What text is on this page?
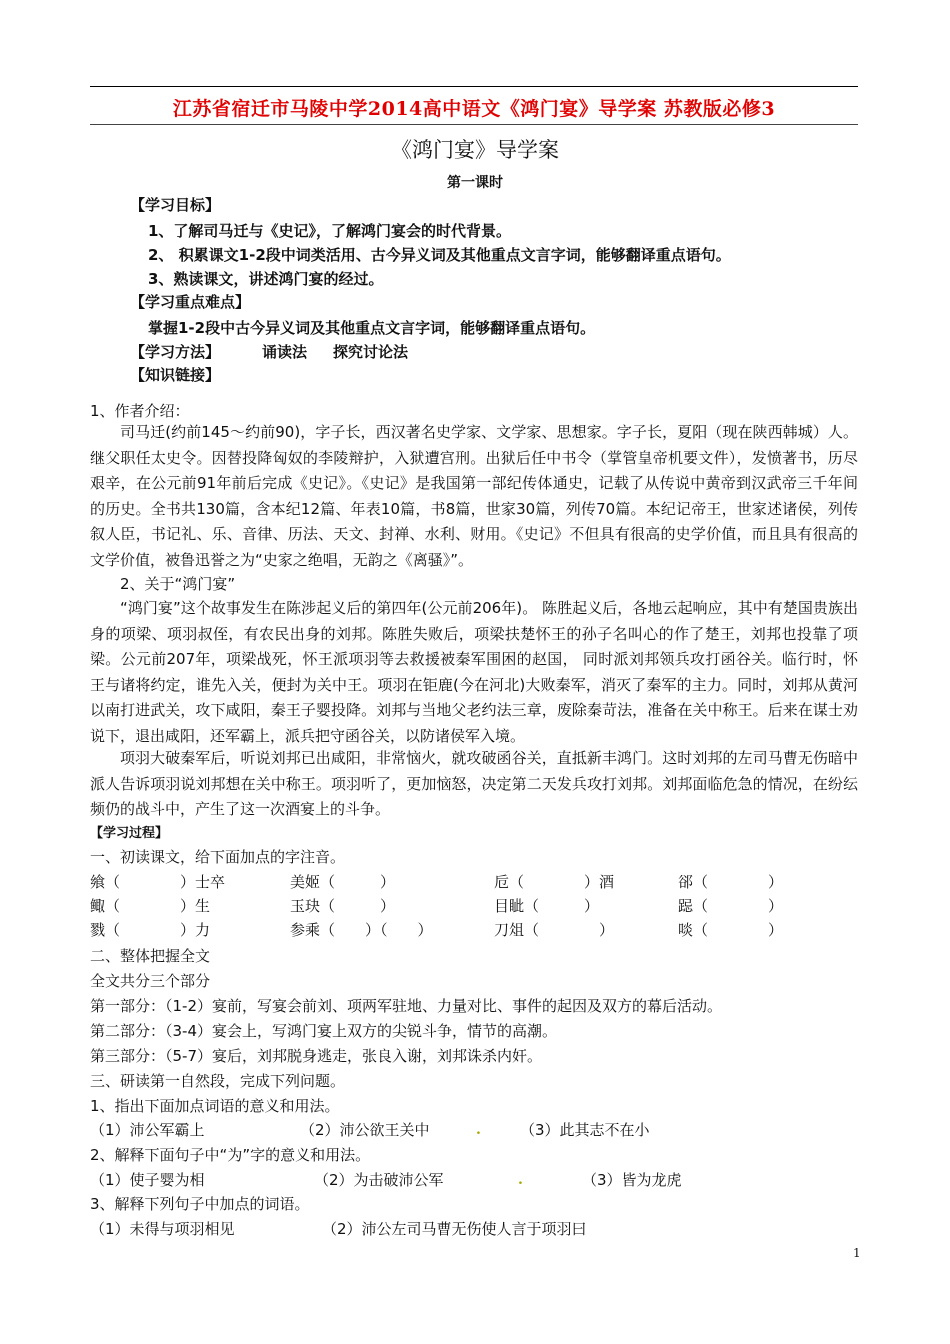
江苏省宿迁市马陵中学2014高中语文《鸿门宴》导学案 苏教版必修3
《鸿门宴》导学案
第一课时
【学习目标】
1、了解司马迁与《史记》，了解鸿门宴会的时代背景。
2、 积累课文1-2段中词类活用、古今异义词及其他重点文言字词，能够翻译重点语句。
3、熟读课文，讲述鸿门宴的经过。
【学习重点难点】
掌握1-2段中古今异义词及其他重点文言字词，能够翻译重点语句。
【学习方法】	诵读法 探究讨论法
【知识链接】
1、作者介绍：
司马迁(约前145～约前90)，字子长，西汉著名史学家、文学家、思想家。字子长，夏阳（现在陕西韩城）人。继父职任太史令。因替投降匈奴的李陵辩护，入狱遭宫刑。出狱后任中书令（掌管皇帝机要文件），发愤著书，历尽艰辛，在公元前91年前后完成《史记》。《史记》是我国第一部纪传体通史，记载了从传说中黄帝到汉武帝三千年间的历史。全书共130篇，含本纪12篇、年表10篇，书8篇，世家30篇，列传70篇。本纪记帝王，世家述诸侯，列传叙人臣，书记礼、乐、音律、历法、天文、封禅、水利、财用。《史记》不但具有很高的史学价值，而且具有很高的文学价值，被鲁迅誉之为“史家之绝唱，无韵之《离骚》”。
2、关于“鸿门宴”
“鸿门宴”这个故事发生在陈涉起义后的第四年(公元前206年)。 陈胜起义后，各地云起响应，其中有楚国贵族出身的项梁、项羽叔侄，有农民出身的刘邦。陈胜失败后，项梁扶楚怀王的孙子名叫心的作了楚王，刘邦也投靠了项梁。公元前207年，项梁战死，怀王派项羽等去救援被秦军围困的赵国， 同时派刘邦领兵攻打函谷关。临行时，怀王与诸将约定，谁先入关，便封为关中王。项羽在钜鹿(今在河北)大败秦军，消灭了秦军的主力。同时，刘邦从黄河以南打进武关，攻下咸阳，秦王子婴投降。刘邦与当地父老约法三章，废除秦苛法，准备在关中称王。后来在谋士劝说下，退出咸阳，还军霸上，派兵把守函谷关，以防诸侯军入境。
项羽大破秦军后，听说刘邦已出咸阳，非常恼火，就攻破函谷关，直抵新丰鸿门。这时刘邦的左司马曹无伤暗中派人告诉项羽说刘邦想在关中称王。项羽听了，更加恼怒，决定第二天发兵攻打刘邦。刘邦面临危急的情况，在纷纭频仍的战斗中，产生了这一次酒宴上的斗争。
【学习过程】
一、初读课文，给下面加点的字注音。
飨（　　　　）士卒	美姬（　　　）	卮（　　　　）酒	郤（　　　　）
鲰（　　　　）生	玉玦（　　　）	目眦（　　　）	跽（　　　　）
戮（　　　　）力	参乘（　　）（　　）	刀俎（　　　　）	啖（　　　　）
二、整体把握全文
全文共分三个部分
第一部分：（1-2）宴前，写宴会前刘、项两军驻地、力量对比、事件的起因及双方的幕后活动。
第二部分：（3-4）宴会上，写鸿门宴上双方的尖锐斗争，情节的高潮。
第三部分：（5-7）宴后，刘邦脱身逃走，张良入谢，刘邦诛杀内奸。
三、研读第一自然段，完成下列问题。
1、指出下面加点词语的意义和用法。
（1）沛公军霸上	（2）沛公欲王关中	.	（3）此其志不在小
2、解释下面句子中“为”字的意义和用法。
（1）使子婴为相	（2）为击破沛公军	.	（3）皆为龙虎
3、解释下列句子中加点的词语。
（1）未得与项羽相见	（2）沛公左司马曹无伤使人言于项羽曰
1
